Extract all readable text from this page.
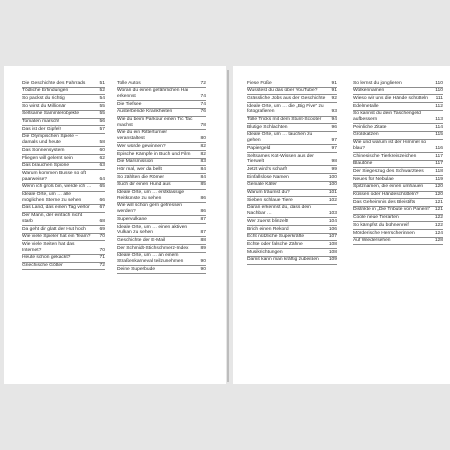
Die Geschichte des Fahrrads	51
Tödliche Erfindungen	52
So packst du richtig	54
So wirst du Millionär	55
Seltsame Sammlerobjekte	55
Tomaten marsch!	56
Das ist der Gipfel!	57
Die Olympischen Spiele – damals und heute	58
Das Sonnensystem	60
Fliegen will gelernt sein	62
Das brauchen Spione	63
Warum kommen Busse so oft paarweise?	64
Wenn ich groß bin, werde ich …	65
Ideale Orte, um … alle möglichen Sterne zu sehen	66
Das Land, das einen Tag verlor	67
Der Mann, der einfach nicht starb	68
Da geht dir glatt der Hut hoch	69
Wie viele Spieler hat ein Team?	70
Wie viele Seiten hat das Internet?	70
Heute schon gekackt?	71
Griechische Götter	72
Tolle Autos	72
Woran du einen gefährlichen Hai erkennst	74
Die Tiefsee	74
Austerbende Krankheiten	76
Wie du beim Parkour einen Tic Tac machst	78
Wie du ein Ritterturnier veranstaltest	80
Wer würde gewinnen?	82
Epische Kämpfe in Buch und Film	82
Die Marsmission	83
Hör mal, wer da bellt	84
So zählten die Römer	84
Such dir einen Hund aus	85
Ideale Orte, um … erstklassige Reitkünste zu sehen	86
Wie will schon gern gefressen werden?	86
Supervulkane	87
Ideale Orte, um … einen aktiven Vulkan zu sehen	87
Geschichte der E-Mail	88
Der Schmidt-Stichschmerz-Index	89
Ideale Orte, um … an einem Straßenkarneval teilzunehmen	90
Deine Superbude	90
Fiese Füße	91
Wusstest du das über YouTube?	91
Grässliche Jobs aus der Geschichte 92
Ideale Orte, um … die „Big Five“ zu fotografieren	93
Tolle Tricks mit dem Stunt-Scooter	94
Blutige Schlachten	96
Ideale Orte, um … tauchen zu gehen	97
Papiergeld	97
Seltsames Kot-Wissen aus der Tierwelt	98
Jetzt wird's scharf!	99
Einfallslose Namen	100
Geniale Käfer	100
Warum träumst du?	101
Sieben schlaue Tiere	102
Daran erkennst du, dass dein Nachbar …	103
Wer zuerst blinzelt!	104
Brich einen Rekord	106
Echt nützliche Superkräfte	107
Echte oder falsche Zähne	108
Musikrichtungen	108
Damit kann man kräftig zubeißen	109
So lernst du jonglieren	110
Wolkennamen	110
Wieso wir uns die Hände schütteln	111
Edelmetalle	112
So kannst du dein Taschengeld aufbessern	113
Peinliche Zitate	114
Großkatzen	115
Wie und warum ist der Himmel so blau?	116
Chinesische Tierkreiszeichen	117
Blautöne	117
Der Siegeszug des Schwarztees	118
Neues für Nebulae	119
Spitznamen, die einen umhauen	120
Küssen oder Händeschütteln?	120
Das Geheimnis des Bleistifts	121
Distrikte in „Die Tribute von Panem“ 121
Coole neue Tierarten	122
So kämpfst du bühnenreif	122
Mörderische Herrscherinnen	124
Auf Wiedersehen	128
